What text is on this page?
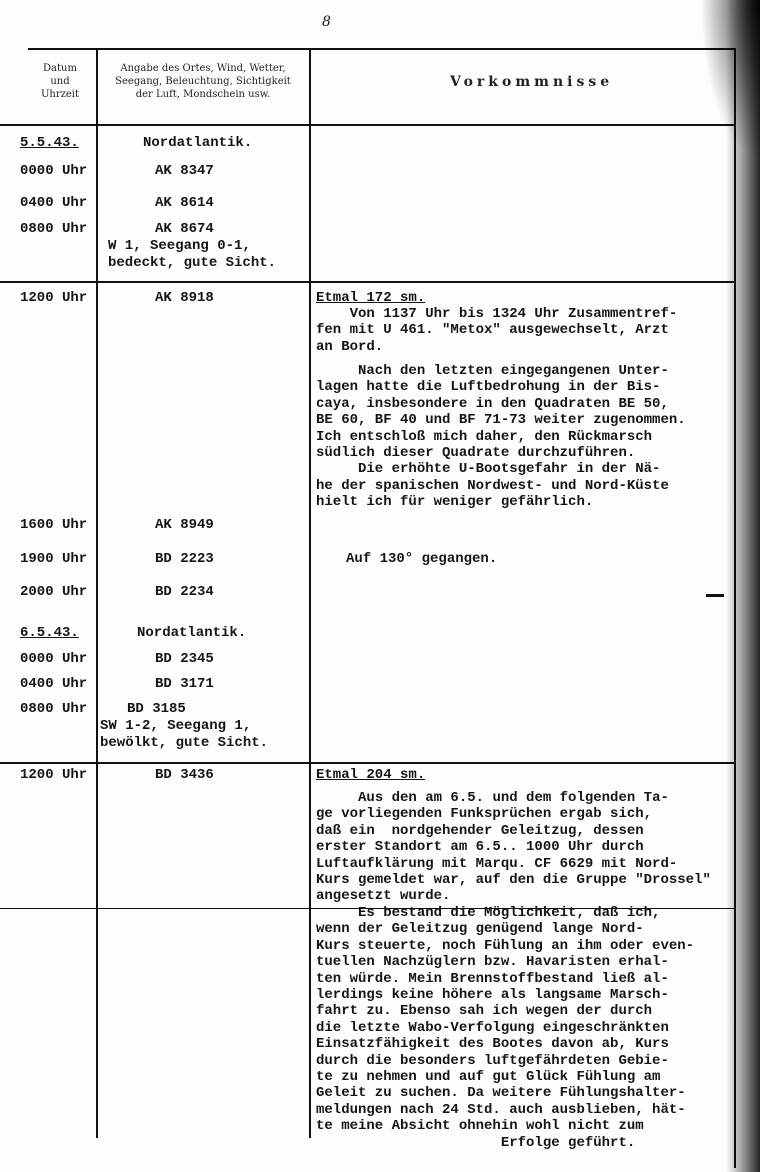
8
Datum
und
Uhrzeit
Angabe des Ortes, Wind, Wetter,
Seegang, Beleuchtung, Sichtigkeit
der Luft, Mondschein usw.
Vorkommnisse
5.5.43.
0000 Uhr
0400 Uhr
0800 Uhr
1200 Uhr
1600 Uhr
1900 Uhr
2000 Uhr
6.5.43.
0000 Uhr
0400 Uhr
0800 Uhr
1200 Uhr
Nordatlantik.
AK 8347
AK 8614
AK 8674
W 1, Seegang 0-1,
bedeckt, gute Sicht.
AK 8918
AK 8949
BD 2223
BD 2234
Nordatlantik.
BD 2345
BD 3171
BD 3185
SW 1-2, Seegang 1,
bewölkt, gute Sicht.
BD 3436
Etmal 172 sm.
Von 1137 Uhr bis 1324 Uhr Zusammentref-
fen mit U 461. "Metox" ausgewechselt, Arzt
an Bord.
Nach den letzten eingegangenen Unter-
lagen hatte die Luftbedrohung in der Bis-
caya, insbesondere in den Quadraten BE 50,
BE 60, BF 40 und BF 71-73 weiter zugenommen.
Ich entschloß mich daher, den Rückmarsch
südlich dieser Quadrate durchzuführen.
Die erhöhte U-Bootsgefahr in der Nä-
he der spanischen Nordwest- und Nord-Küste
hielt ich für weniger gefährlich.
Auf 130° gegangen.
Etmal 204 sm.
Aus den am 6.5. und dem folgenden Ta-
ge vorliegenden Funksprüchen ergab sich,
daß ein  nordgehender Geleitzug, dessen
erster Standort am 6.5.. 1000 Uhr durch
Luftaufklärung mit Marqu. CF 6629 mit Nord-
Kurs gemeldet war, auf den die Gruppe "Drossel" angesetzt wurde.
Es bestand die Möglichkeit, daß ich,
wenn der Geleitzug genügend lange Nord-
Kurs steuerte, noch Fühlung an ihm oder even-
tuellen Nachzüglern bzw. Havaristen erhal-
ten würde. Mein Brennstoffbestand ließ al-
lerdings keine höhere als langsame Marsch-
fahrt zu. Ebenso sah ich wegen der durch
die letzte Wabo-Verfolgung eingeschränkten
Einsatzfähigkeit des Bootes davon ab, Kurs
durch die besonders luftgefährdeten Gebie-
te zu nehmen und auf gut Glück Fühlung am
Geleit zu suchen. Da weitere Fühlungshalter-
meldungen nach 24 Std. auch ausblieben, hät-
te meine Absicht ohnehin wohl nicht zum
Erfolge geführt.
